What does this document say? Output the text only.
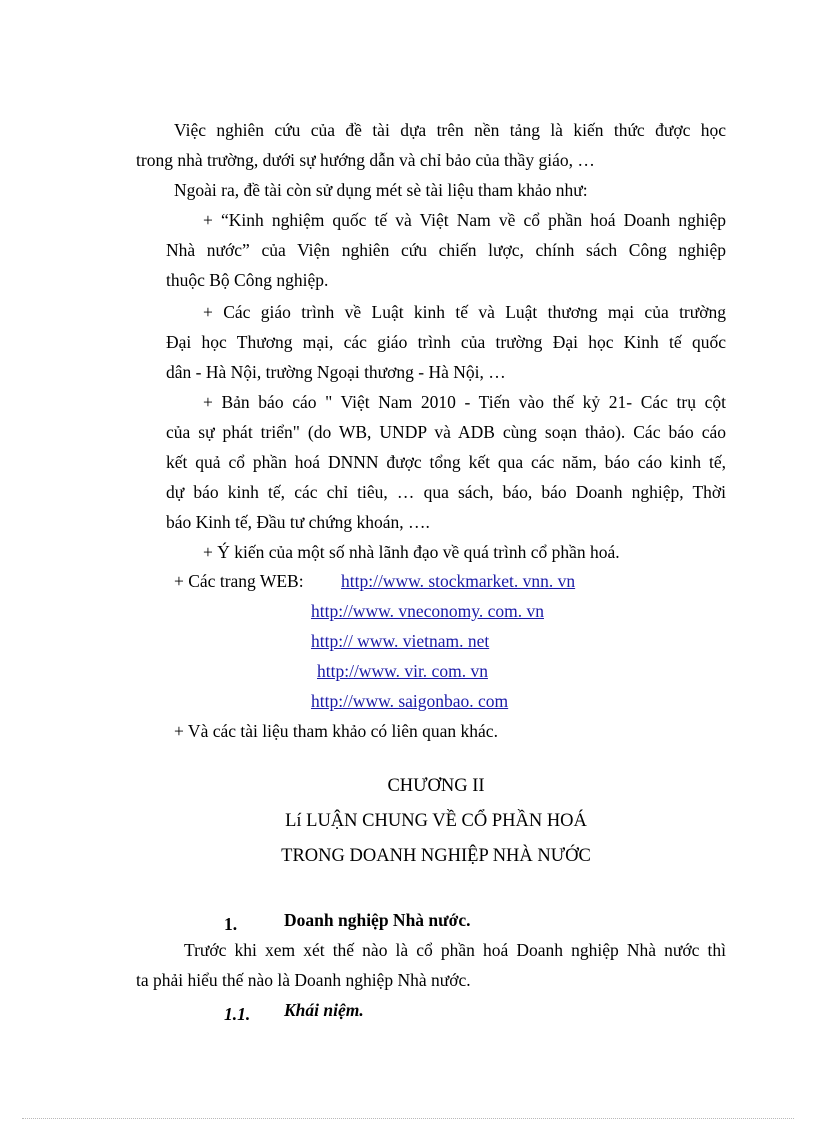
Việc nghiên cứu của đề tài dựa trên nền tảng là kiến thức được học
trong nhà trường, dưới sự hướng dẫn và chỉ bảo của thầy giáo, …
Ngoài ra, đề tài còn sử dụng mét sè tài liệu tham khảo như:
+ “Kinh nghiệm quốc tế và Việt Nam về cổ phần hoá Doanh nghiệp
Nhà nước” của Viện nghiên cứu chiến lược, chính sách Công nghiệp
thuộc Bộ Công nghiệp.
+ Các giáo trình về Luật kinh tế và Luật thương mại của trường
Đại học Thương mại, các giáo trình của trường Đại học Kinh tế quốc
dân - Hà Nội, trường Ngoại thương - Hà Nội, …
+ Bản báo cáo " Việt Nam 2010 - Tiến vào thế kỷ 21- Các trụ cột
của sự phát triển" (do WB, UNDP và ADB cùng soạn thảo). Các báo cáo
kết quả cổ phần hoá DNNN được tổng kết qua các năm, báo cáo kinh tế,
dự báo kinh tế, các chỉ tiêu, … qua sách, báo, báo Doanh nghiệp, Thời
báo Kinh tế, Đầu tư chứng khoán, ….
+ Ý kiến của một số nhà lãnh đạo về quá trình cổ phần hoá.
+ Các trang WEB: http://www. stockmarket. vnn. vn
http://www. vneconomy. com. vn
http:// www. vietnam. net
http://www. vir. com. vn
http://www. saigonbao. com
+ Và các tài liệu tham khảo có liên quan khác.
CHƯƠNG II
Lí LUẬN CHUNG VỀ CỔ PHẦN HOÁ
TRONG DOANH NGHIỆP NHÀ NƯỚC
1.	Doanh nghiệp Nhà nước.
Trước khi xem xét thế nào là cổ phần hoá Doanh nghiệp Nhà nước thì
ta phải hiểu thế nào là Doanh nghiệp Nhà nước.
1.1. Khái niệm.
